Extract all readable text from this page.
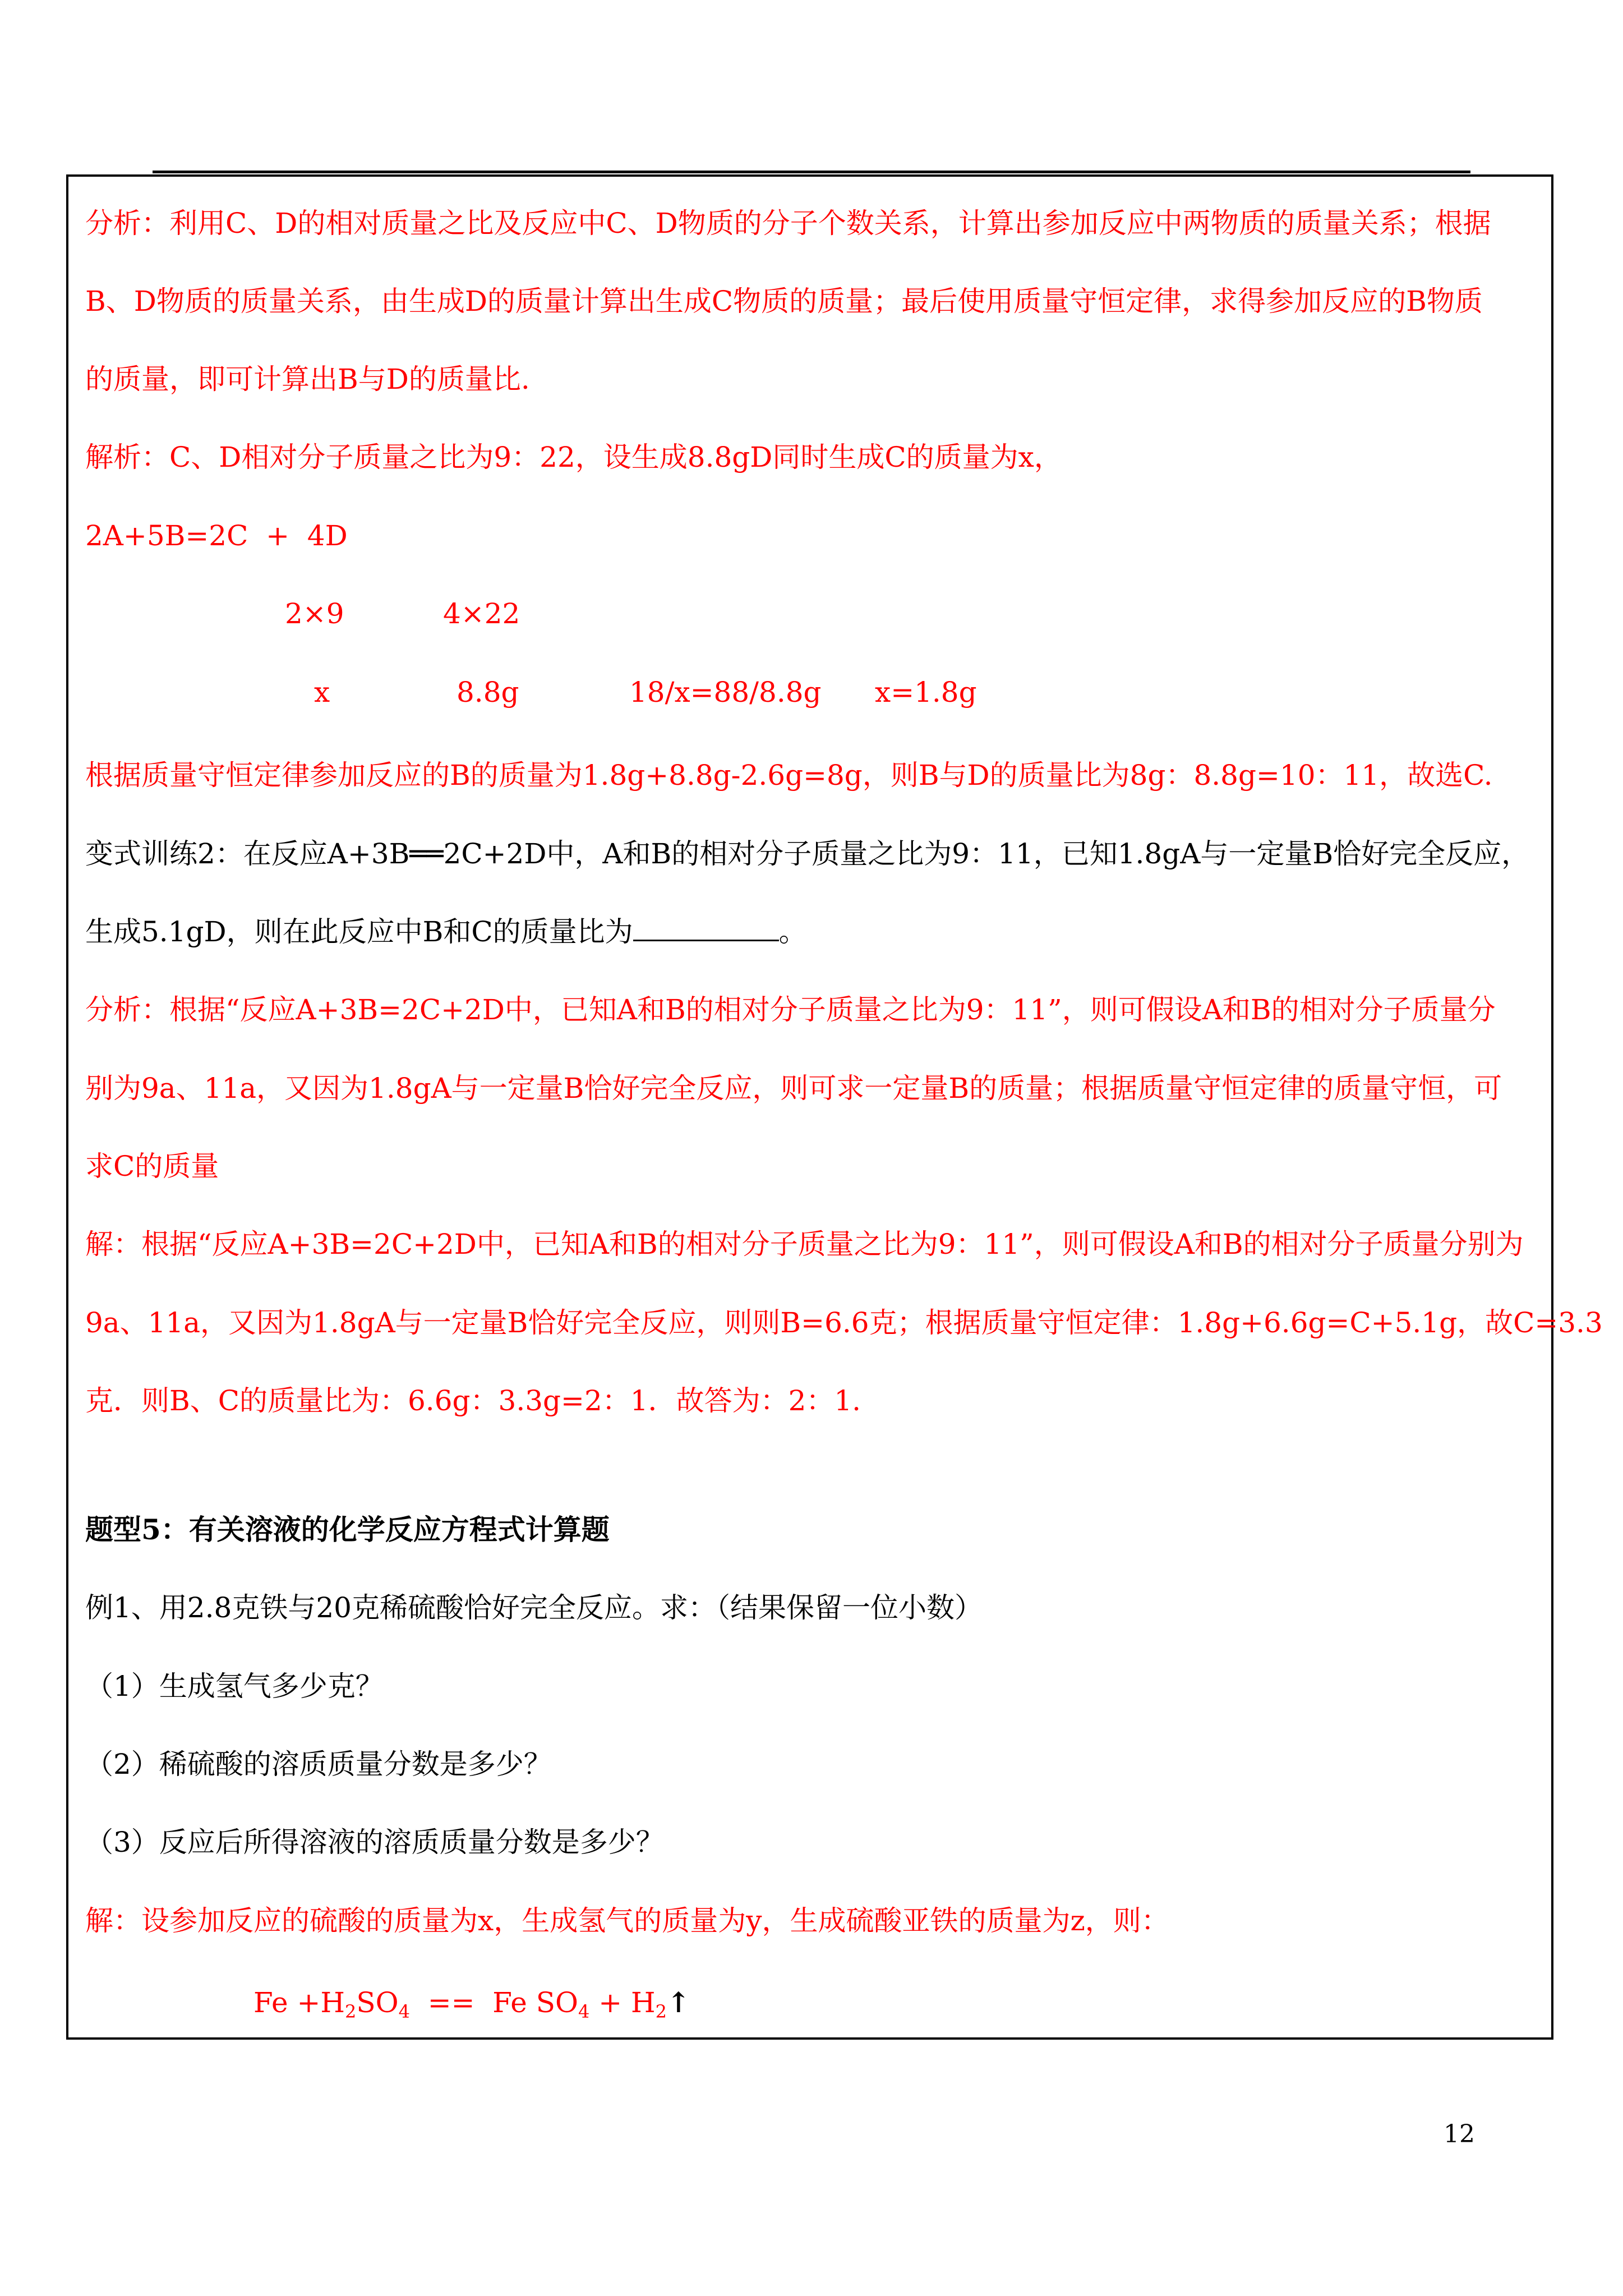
分析：利用C、D的相对质量之比及反应中C、D物质的分子个数关系，计算出参加反应中两物质的质量关系；根据
B、D物质的质量关系，由生成D的质量计算出生成C物质的质量；最后使用质量守恒定律，求得参加反应的B物质
的质量，即可计算出B与D的质量比.
解析：C、D相对分子质量之比为9：22，设生成8.8gD同时生成C的质量为x，
2A+5B=2C  +  4D
2×9	4×22
x	8.8g	18/x=88/8.8g x=1.8g
根据质量守恒定律参加反应的B的质量为1.8g+8.8g-2.6g=8g，则B与D的质量比为8g：8.8g=10：11，故选C.
变式训练2：在反应A+3B══2C+2D中，A和B的相对分子质量之比为9：11，已知1.8gA与一定量B恰好完全反应，
生成5.1gD，则在此反应中B和C的质量比为	。
分析：根据“反应A+3B=2C+2D中，已知A和B的相对分子质量之比为9：11”，则可假设A和B的相对分子质量分
别为9a、11a，又因为1.8gA与一定量B恰好完全反应，则可求一定量B的质量；根据质量守恒定律的质量守恒，可
求C的质量
解：根据“反应A+3B=2C+2D中，已知A和B的相对分子质量之比为9：11”，则可假设A和B的相对分子质量分别为
9a、11a，又因为1.8gA与一定量B恰好完全反应，则则B=6.6克；根据质量守恒定律：1.8g+6.6g=C+5.1g，故C=3.3
克．则B、C的质量比为：6.6g：3.3g=2：1．故答为：2：1.
题型5：有关溶液的化学反应方程式计算题
例1、用2.8克铁与20克稀硫酸恰好完全反应。求：（结果保留一位小数）
（1）生成氢气多少克？
（2）稀硫酸的溶质质量分数是多少？
（3）反应后所得溶液的溶质质量分数是多少？
解：设参加反应的硫酸的质量为x，生成氢气的质量为y，生成硫酸亚铁的质量为z，则：
$Fe +H_2SO_4 == Fe$ $SO_4$ + $H_2↑$
12
